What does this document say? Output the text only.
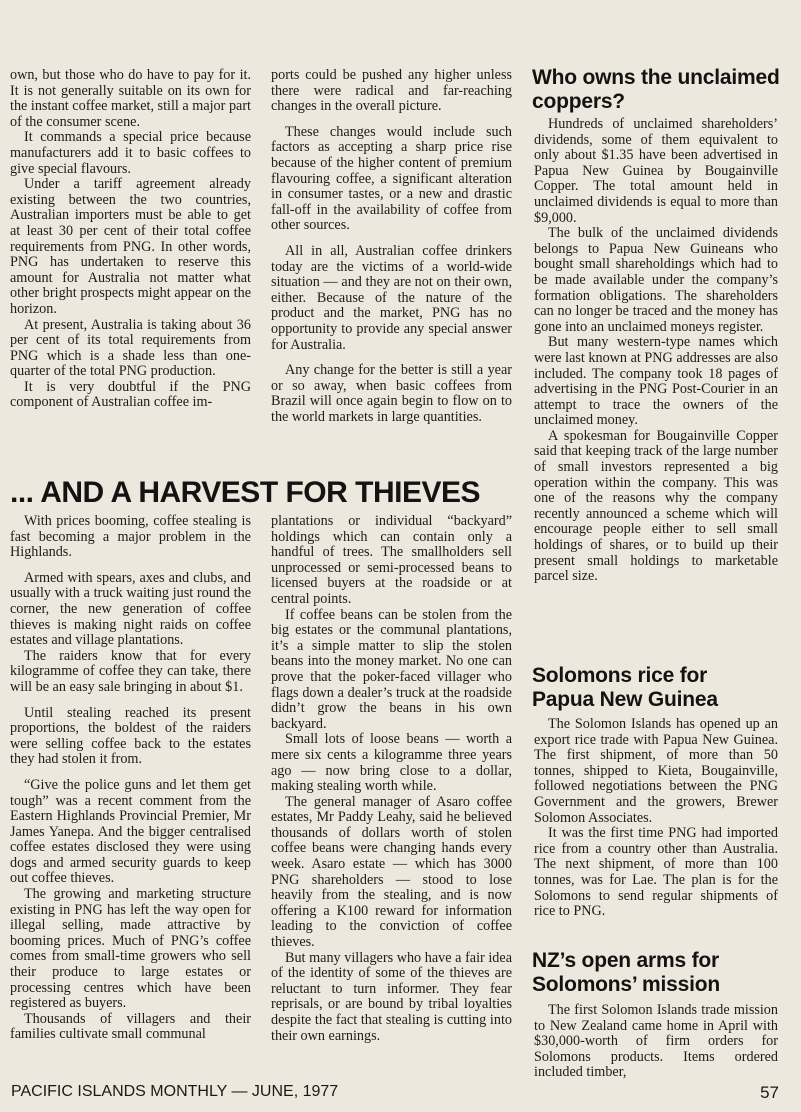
own, but those who do have to pay for it. It is not generally suitable on its own for the instant coffee market, still a major part of the consumer scene.

It commands a special price because manufacturers add it to basic coffees to give special flavours.

Under a tariff agreement already existing between the two countries, Australian importers must be able to get at least 30 per cent of their total coffee requirements from PNG. In other words, PNG has undertaken to reserve this amount for Australia not matter what other bright prospects might appear on the horizon.

At present, Australia is taking about 36 per cent of its total requirements from PNG which is a shade less than one-quarter of the total PNG production.

It is very doubtful if the PNG component of Australian coffee im-

ports could be pushed any higher unless there were radical and far-reaching changes in the overall picture.

These changes would include such factors as accepting a sharp price rise because of the higher content of premium flavouring coffee, a significant alteration in consumer tastes, or a new and drastic fall-off in the availability of coffee from other sources.

All in all, Australian coffee drinkers today are the victims of a world-wide situation — and they are not on their own, either. Because of the nature of the product and the market, PNG has no opportunity to provide any special answer for Australia.

Any change for the better is still a year or so away, when basic coffees from Brazil will once again begin to flow on to the world markets in large quantities.

... AND A HARVEST FOR THIEVES

With prices booming, coffee stealing is fast becoming a major problem in the Highlands.

Armed with spears, axes and clubs, and usually with a truck waiting just round the corner, the new generation of coffee thieves is making night raids on coffee estates and village plantations.

The raiders know that for every kilogramme of coffee they can take, there will be an easy sale bringing in about $1.

Until stealing reached its present proportions, the boldest of the raiders were selling coffee back to the estates they had stolen it from.

“Give the police guns and let them get tough” was a recent comment from the Eastern Highlands Provincial Premier, Mr James Yanepa. And the bigger centralised coffee estates disclosed they were using dogs and armed security guards to keep out coffee thieves.

The growing and marketing structure existing in PNG has left the way open for illegal selling, made attractive by booming prices. Much of PNG’s coffee comes from small-time growers who sell their produce to large estates or processing centres which have been registered as buyers.

Thousands of villagers and their families cultivate small communal

plantations or individual “backyard” holdings which can contain only a handful of trees. The smallholders sell unprocessed or semi-processed beans to licensed buyers at the roadside or at central points.

If coffee beans can be stolen from the big estates or the communal plantations, it’s a simple matter to slip the stolen beans into the money market. No one can prove that the poker-faced villager who flags down a dealer’s truck at the roadside didn’t grow the beans in his own backyard.

Small lots of loose beans — worth a mere six cents a kilogramme three years ago — now bring close to a dollar, making stealing worth while.

The general manager of Asaro coffee estates, Mr Paddy Leahy, said he believed thousands of dollars worth of stolen coffee beans were changing hands every week. Asaro estate — which has 3000 PNG shareholders — stood to lose heavily from the stealing, and is now offering a K100 reward for information leading to the conviction of coffee thieves.

But many villagers who have a fair idea of the identity of some of the thieves are reluctant to turn informer. They fear reprisals, or are bound by tribal loyalties despite the fact that stealing is cutting into their own earnings.

Who owns the unclaimed coppers?

Hundreds of unclaimed shareholders’ dividends, some of them equivalent to only about $1.35 have been advertised in Papua New Guinea by Bougainville Copper. The total amount held in unclaimed dividends is equal to more than $9,000.

The bulk of the unclaimed dividends belongs to Papua New Guineans who bought small shareholdings which had to be made available under the company’s formation obligations. The shareholders can no longer be traced and the money has gone into an unclaimed moneys register.

But many western-type names which were last known at PNG addresses are also included. The company took 18 pages of advertising in the PNG Post-Courier in an attempt to trace the owners of the unclaimed money.

A spokesman for Bougainville Copper said that keeping track of the large number of small investors represented a big operation within the company. This was one of the reasons why the company recently announced a scheme which will encourage people either to sell small holdings of shares, or to build up their present small holdings to marketable parcel size.

Solomons rice for Papua New Guinea

The Solomon Islands has opened up an export rice trade with Papua New Guinea. The first shipment, of more than 50 tonnes, shipped to Kieta, Bougainville, followed negotiations between the PNG Government and the growers, Brewer Solomon Associates.

It was the first time PNG had imported rice from a country other than Australia. The next shipment, of more than 100 tonnes, was for Lae. The plan is for the Solomons to send regular shipments of rice to PNG.

NZ’s open arms for Solomons’ mission

The first Solomon Islands trade mission to New Zealand came home in April with $30,000-worth of firm orders for Solomons products. Items ordered included timber,

PACIFIC ISLANDS MONTHLY — JUNE, 1977	57
